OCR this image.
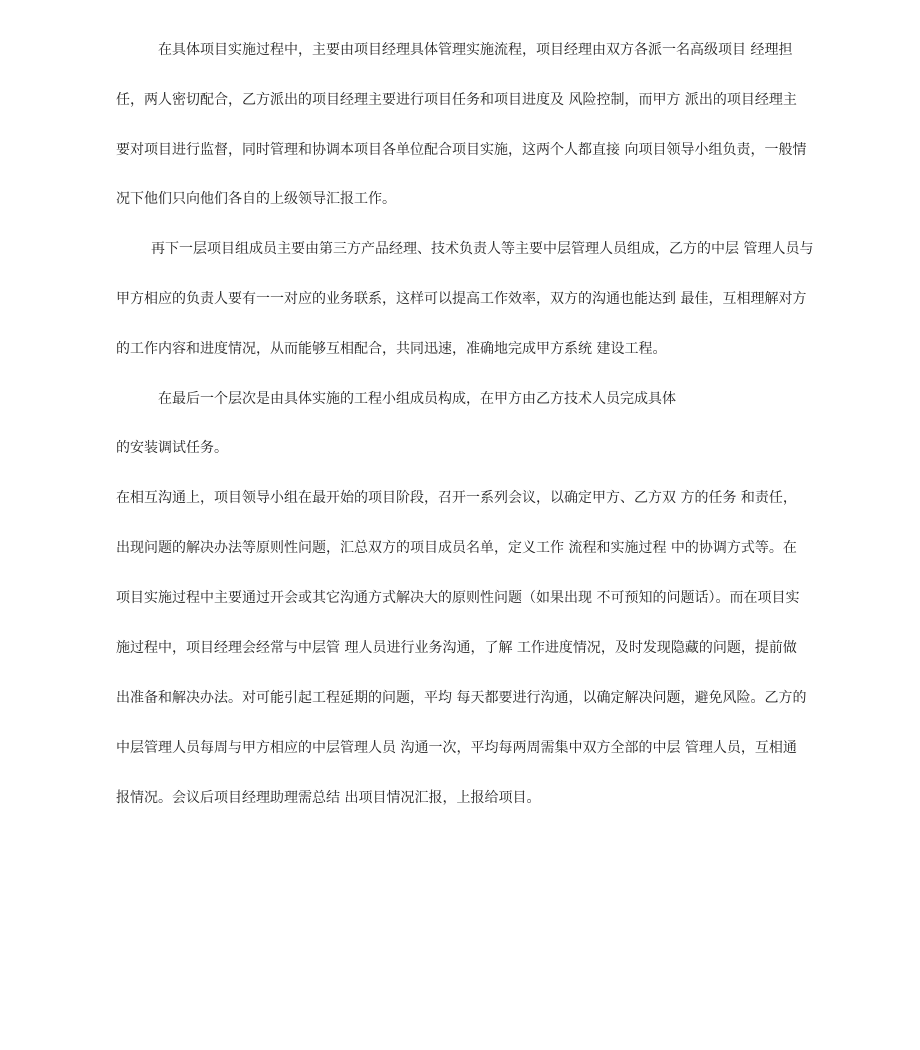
在具体项目实施过程中，主要由项目经理具体管理实施流程，项目经理由双方各派一名高级项目 经理担

任，两人密切配合，乙方派出的项目经理主要进行项目任务和项目进度及 风险控制，而甲方 派出的项目经理主

要对项目进行监督，同时管理和协调本项目各单位配合项目实施，这两个人都直接 向项目领导小组负责，一般情

况下他们只向他们各自的上级领导汇报工作。

再下一层项目组成员主要由第三方产品经理、技术负责人等主要中层管理人员组成，乙方的中层 管理人员与

甲方相应的负责人要有一一对应的业务联系，这样可以提高工作效率，双方的沟通也能达到 最佳，互相理解对方

的工作内容和进度情况，从而能够互相配合，共同迅速，准确地完成甲方系统 建设工程。

在最后一个层次是由具体实施的工程小组成员构成，在甲方由乙方技术人员完成具体

的安装调试任务。

在相互沟通上，项目领导小组在最开始的项目阶段，召开一系列会议，以确定甲方、乙方双 方的任务 和责任，

出现问题的解决办法等原则性问题，汇总双方的项目成员名单，定义工作 流程和实施过程 中的协调方式等。在

项目实施过程中主要通过开会或其它沟通方式解决大的原则性问题（如果出现 不可预知的问题话）。而在项目实

施过程中，项目经理会经常与中层管 理人员进行业务沟通，了解 工作进度情况，及时发现隐藏的问题，提前做

出准备和解决办法。对可能引起工程延期的问题，平均 每天都要进行沟通，以确定解决问题，避免风险。乙方的

中层管理人员每周与甲方相应的中层管理人员 沟通一次，平均每两周需集中双方全部的中层 管理人员，互相通

报情况。会议后项目经理助理需总结 出项目情况汇报，上报给项目。
